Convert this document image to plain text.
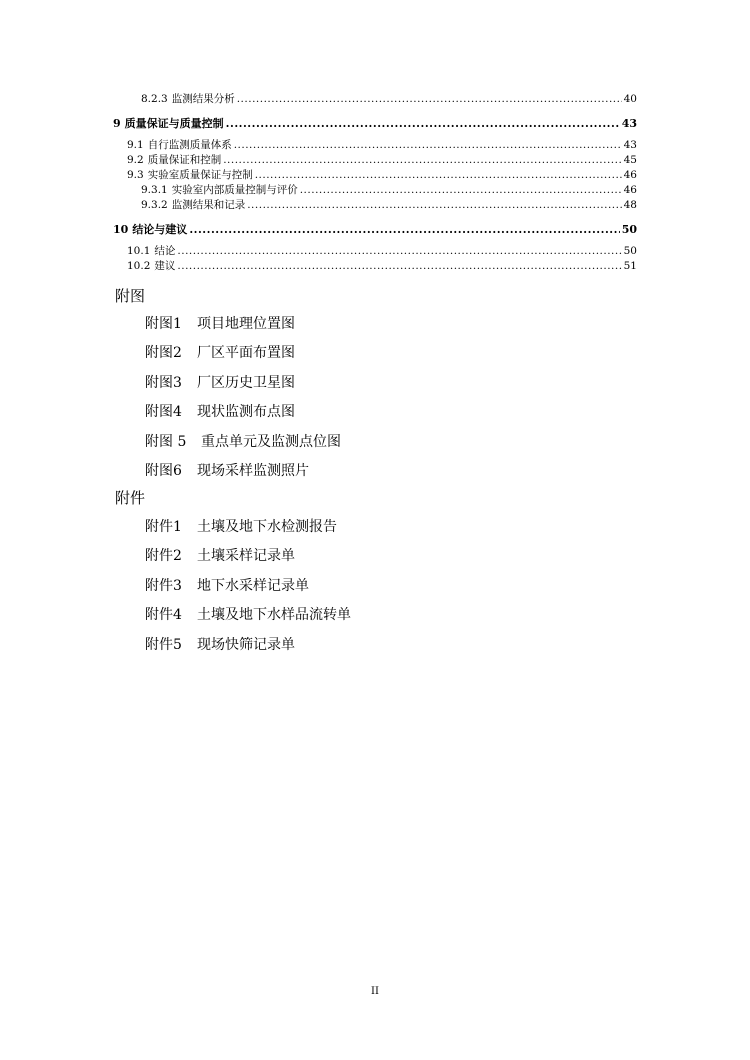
8.2.3 监测结果分析 .....	40
9 质量保证与质量控制 .....	43
9.1 自行监测质量体系 .....	43
9.2 质量保证和控制 .....	45
9.3 实验室质量保证与控制 .....	46
9.3.1 实验室内部质量控制与评价 .....	46
9.3.2 监测结果和记录 .....	48
10 结论与建议 .....	50
10.1 结论 .....	50
10.2 建议 .....	51
附图
附图1	项目地理位置图
附图2	厂区平面布置图
附图3	厂区历史卫星图
附图4	现状监测布点图
附图 5	重点单元及监测点位图
附图6	现场采样监测照片
附件
附件1	土壤及地下水检测报告
附件2	土壤采样记录单
附件3	地下水采样记录单
附件4	土壤及地下水样品流转单
附件5	现场快筛记录单
II
